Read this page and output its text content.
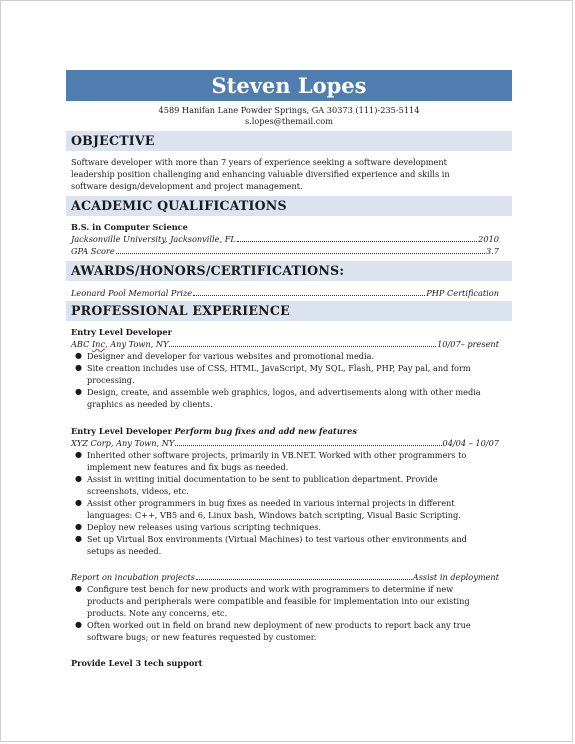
Steven Lopes
4589 Hanifan Lane Powder Springs, GA 30373 (111)-235-5114
s.lopes@themail.com
OBJECTIVE
Software developer with more than 7 years of experience seeking a software development
leadership position challenging and enhancing valuable diversified experience and skills in
software design/development and project management.
ACADEMIC QUALIFICATIONS
B.S. in Computer Science
Jacksonville University, Jacksonville, FL	2010
GPA Score	3.7
AWARDS/HONORS/CERTIFICATIONS:
Leonard Pool Memorial Prize	PHP Certification
PROFESSIONAL EXPERIENCE
Entry Level Developer
ABC Inc, Any Town, NY	10/07– present
● Designer and developer for various websites and promotional media.
● Site creation includes use of CSS, HTML, JavaScript, My SQL, Flash, PHP, Pay pal, and form
processing.
● Design, create, and assemble web graphics, logos, and advertisements along with other media
graphics as needed by clients.
Entry Level Developer Perform bug fixes and add new features
XYZ Corp, Any Town, NY	04/04 – 10/07
● Inherited other software projects, primarily in VB.NET. Worked with other programmers to
implement new features and fix bugs as needed.
● Assist in writing initial documentation to be sent to publication department. Provide
screenshots, videos, etc.
● Assist other programmers in bug fixes as needed in various internal projects in different
languages: C++, VB5 and 6, Linux bash, Windows batch scripting, Visual Basic Scripting.
● Deploy new releases using various scripting techniques.
● Set up Virtual Box environments (Virtual Machines) to test various other environments and
setups as needed.
Report on incubation projects	Assist in deployment
● Configure test bench for new products and work with programmers to determine if new
products and peripherals were compatible and feasible for implementation into our existing
products. Note any concerns, etc.
● Often worked out in field on brand new deployment of new products to report back any true
software bugs; or new features requested by customer.
Provide Level 3 tech support
